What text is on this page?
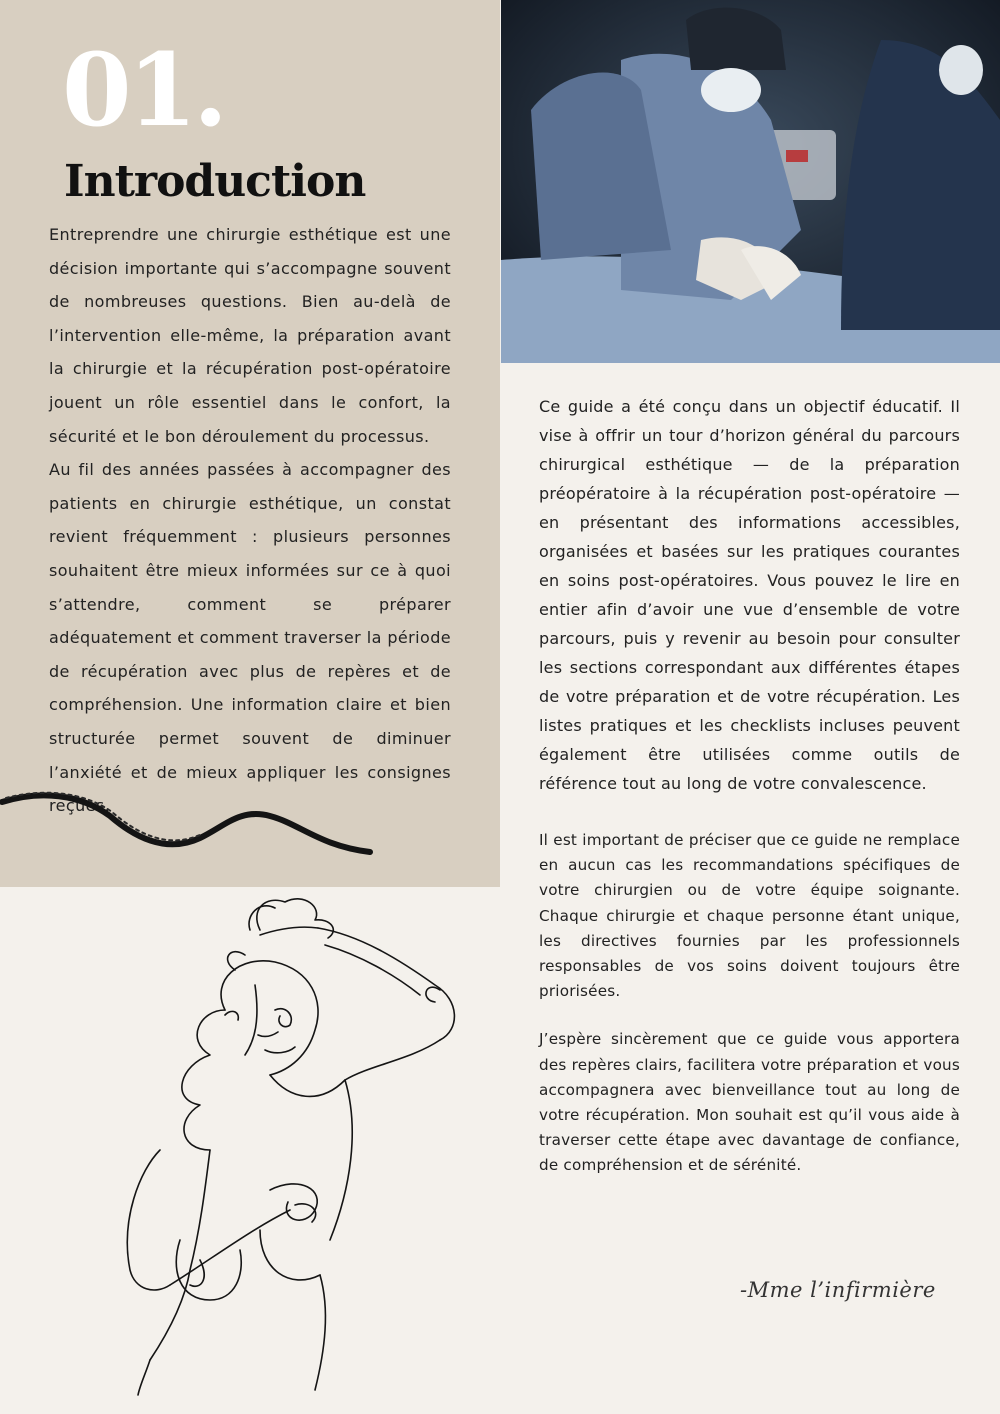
01.
Introduction

Entreprendre une chirurgie esthétique est une décision importante qui s’accompagne souvent de nombreuses questions. Bien au-delà de l’intervention elle-même, la préparation avant la chirurgie et la récupération post-opératoire jouent un rôle essentiel dans le confort, la sécurité et le bon déroulement du processus.

Au fil des années passées à accompagner des patients en chirurgie esthétique, un constat revient fréquemment : plusieurs personnes souhaitent être mieux informées sur ce à quoi s’attendre, comment se préparer adéquatement et comment traverser la période de récupération avec plus de repères et de compréhension. Une information claire et bien structurée permet souvent de diminuer l’anxiété et de mieux appliquer les consignes reçues.

Ce guide a été conçu dans un objectif éducatif. Il vise à offrir un tour d’horizon général du parcours chirurgical esthétique — de la préparation préopératoire à la récupération post-opératoire — en présentant des informations accessibles, organisées et basées sur les pratiques courantes en soins post-opératoires. Vous pouvez le lire en entier afin d’avoir une vue d’ensemble de votre parcours, puis y revenir au besoin pour consulter les sections correspondant aux différentes étapes de votre préparation et de votre récupération. Les listes pratiques et les checklists incluses peuvent également être utilisées comme outils de référence tout au long de votre convalescence.

Il est important de préciser que ce guide ne remplace en aucun cas les recommandations spécifiques de votre chirurgien ou de votre équipe soignante. Chaque chirurgie et chaque personne étant unique, les directives fournies par les professionnels responsables de vos soins doivent toujours être priorisées.

J’espère sincèrement que ce guide vous apportera des repères clairs, facilitera votre préparation et vous accompagnera avec bienveillance tout au long de votre récupération. Mon souhait est qu’il vous aide à traverser cette étape avec davantage de confiance, de compréhension et de sérénité.

-Mme l’infirmière
